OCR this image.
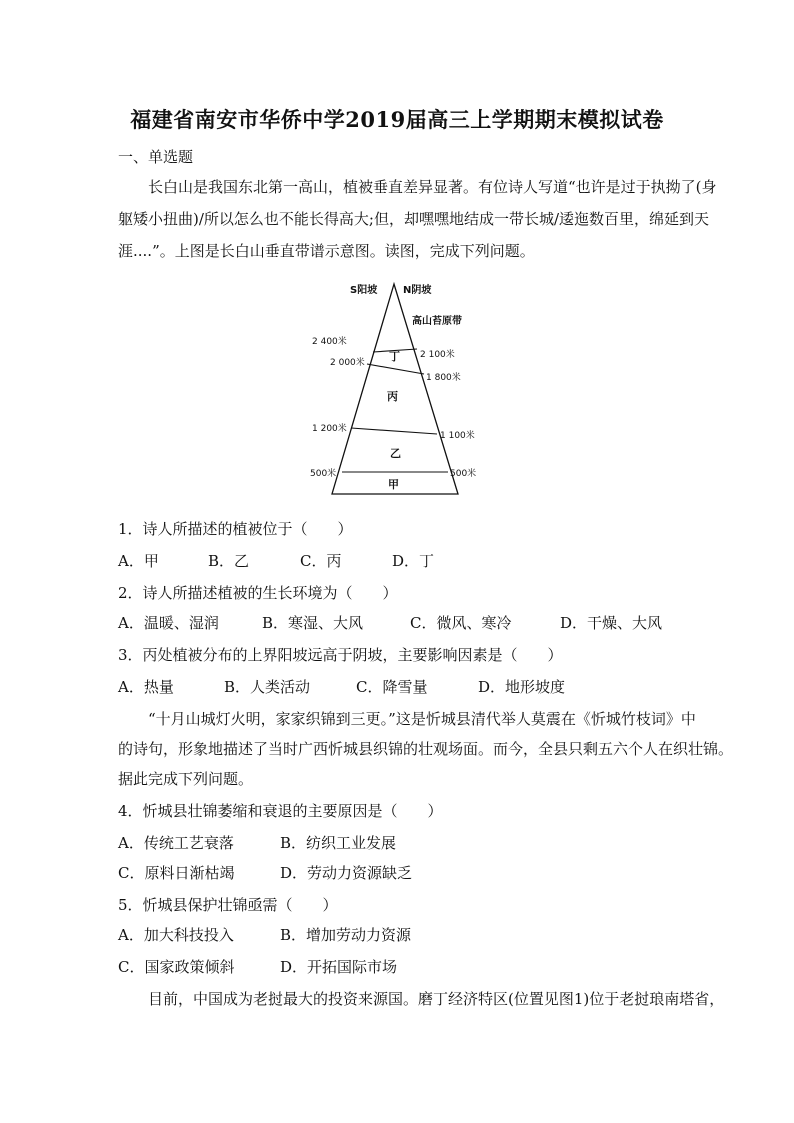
福建省南安市华侨中学2019届高三上学期期末模拟试卷
一、单选题
长白山是我国东北第一高山，植被垂直差异显著。有位诗人写道“也许是过于执拗了(身
躯矮小扭曲)/所以怎么也不能长得高大;但，却嘿嘿地结成一带长城/逶迤数百里，绵延到天
涯....”。上图是长白山垂直带谱示意图。读图，完成下列问题。
S阳坡	N阴坡
高山苔原带
丁
丙
乙
甲
2 400米
2 000米
1 200米
500米
2 100米
1 800米
1 100米
500米
1．诗人所描述的植被位于（　　）
A．甲	B．乙	C．丙	D．丁
2．诗人所描述植被的生长环境为（　　）
A．温暖、湿润	B．寒湿、大风	C．微风、寒冷	D．干燥、大风
3．丙处植被分布的上界阳坡远高于阴坡，主要影响因素是（　　）
A．热量	B．人类活动	C．降雪量	D．地形坡度
“十月山城灯火明，家家织锦到三更。”这是忻城县清代举人莫震在《忻城竹枝词》中
的诗句，形象地描述了当时广西忻城县织锦的壮观场面。而今，全县只剩五六个人在织壮锦。
据此完成下列问题。
4．忻城县壮锦萎缩和衰退的主要原因是（　　）
A．传统工艺衰落	B．纺织工业发展
C．原料日渐枯竭	D．劳动力资源缺乏
5．忻城县保护壮锦亟需（　　）
A．加大科技投入	B．增加劳动力资源
C．国家政策倾斜	D．开拓国际市场
目前，中国成为老挝最大的投资来源国。磨丁经济特区(位置见图1)位于老挝琅南塔省，
